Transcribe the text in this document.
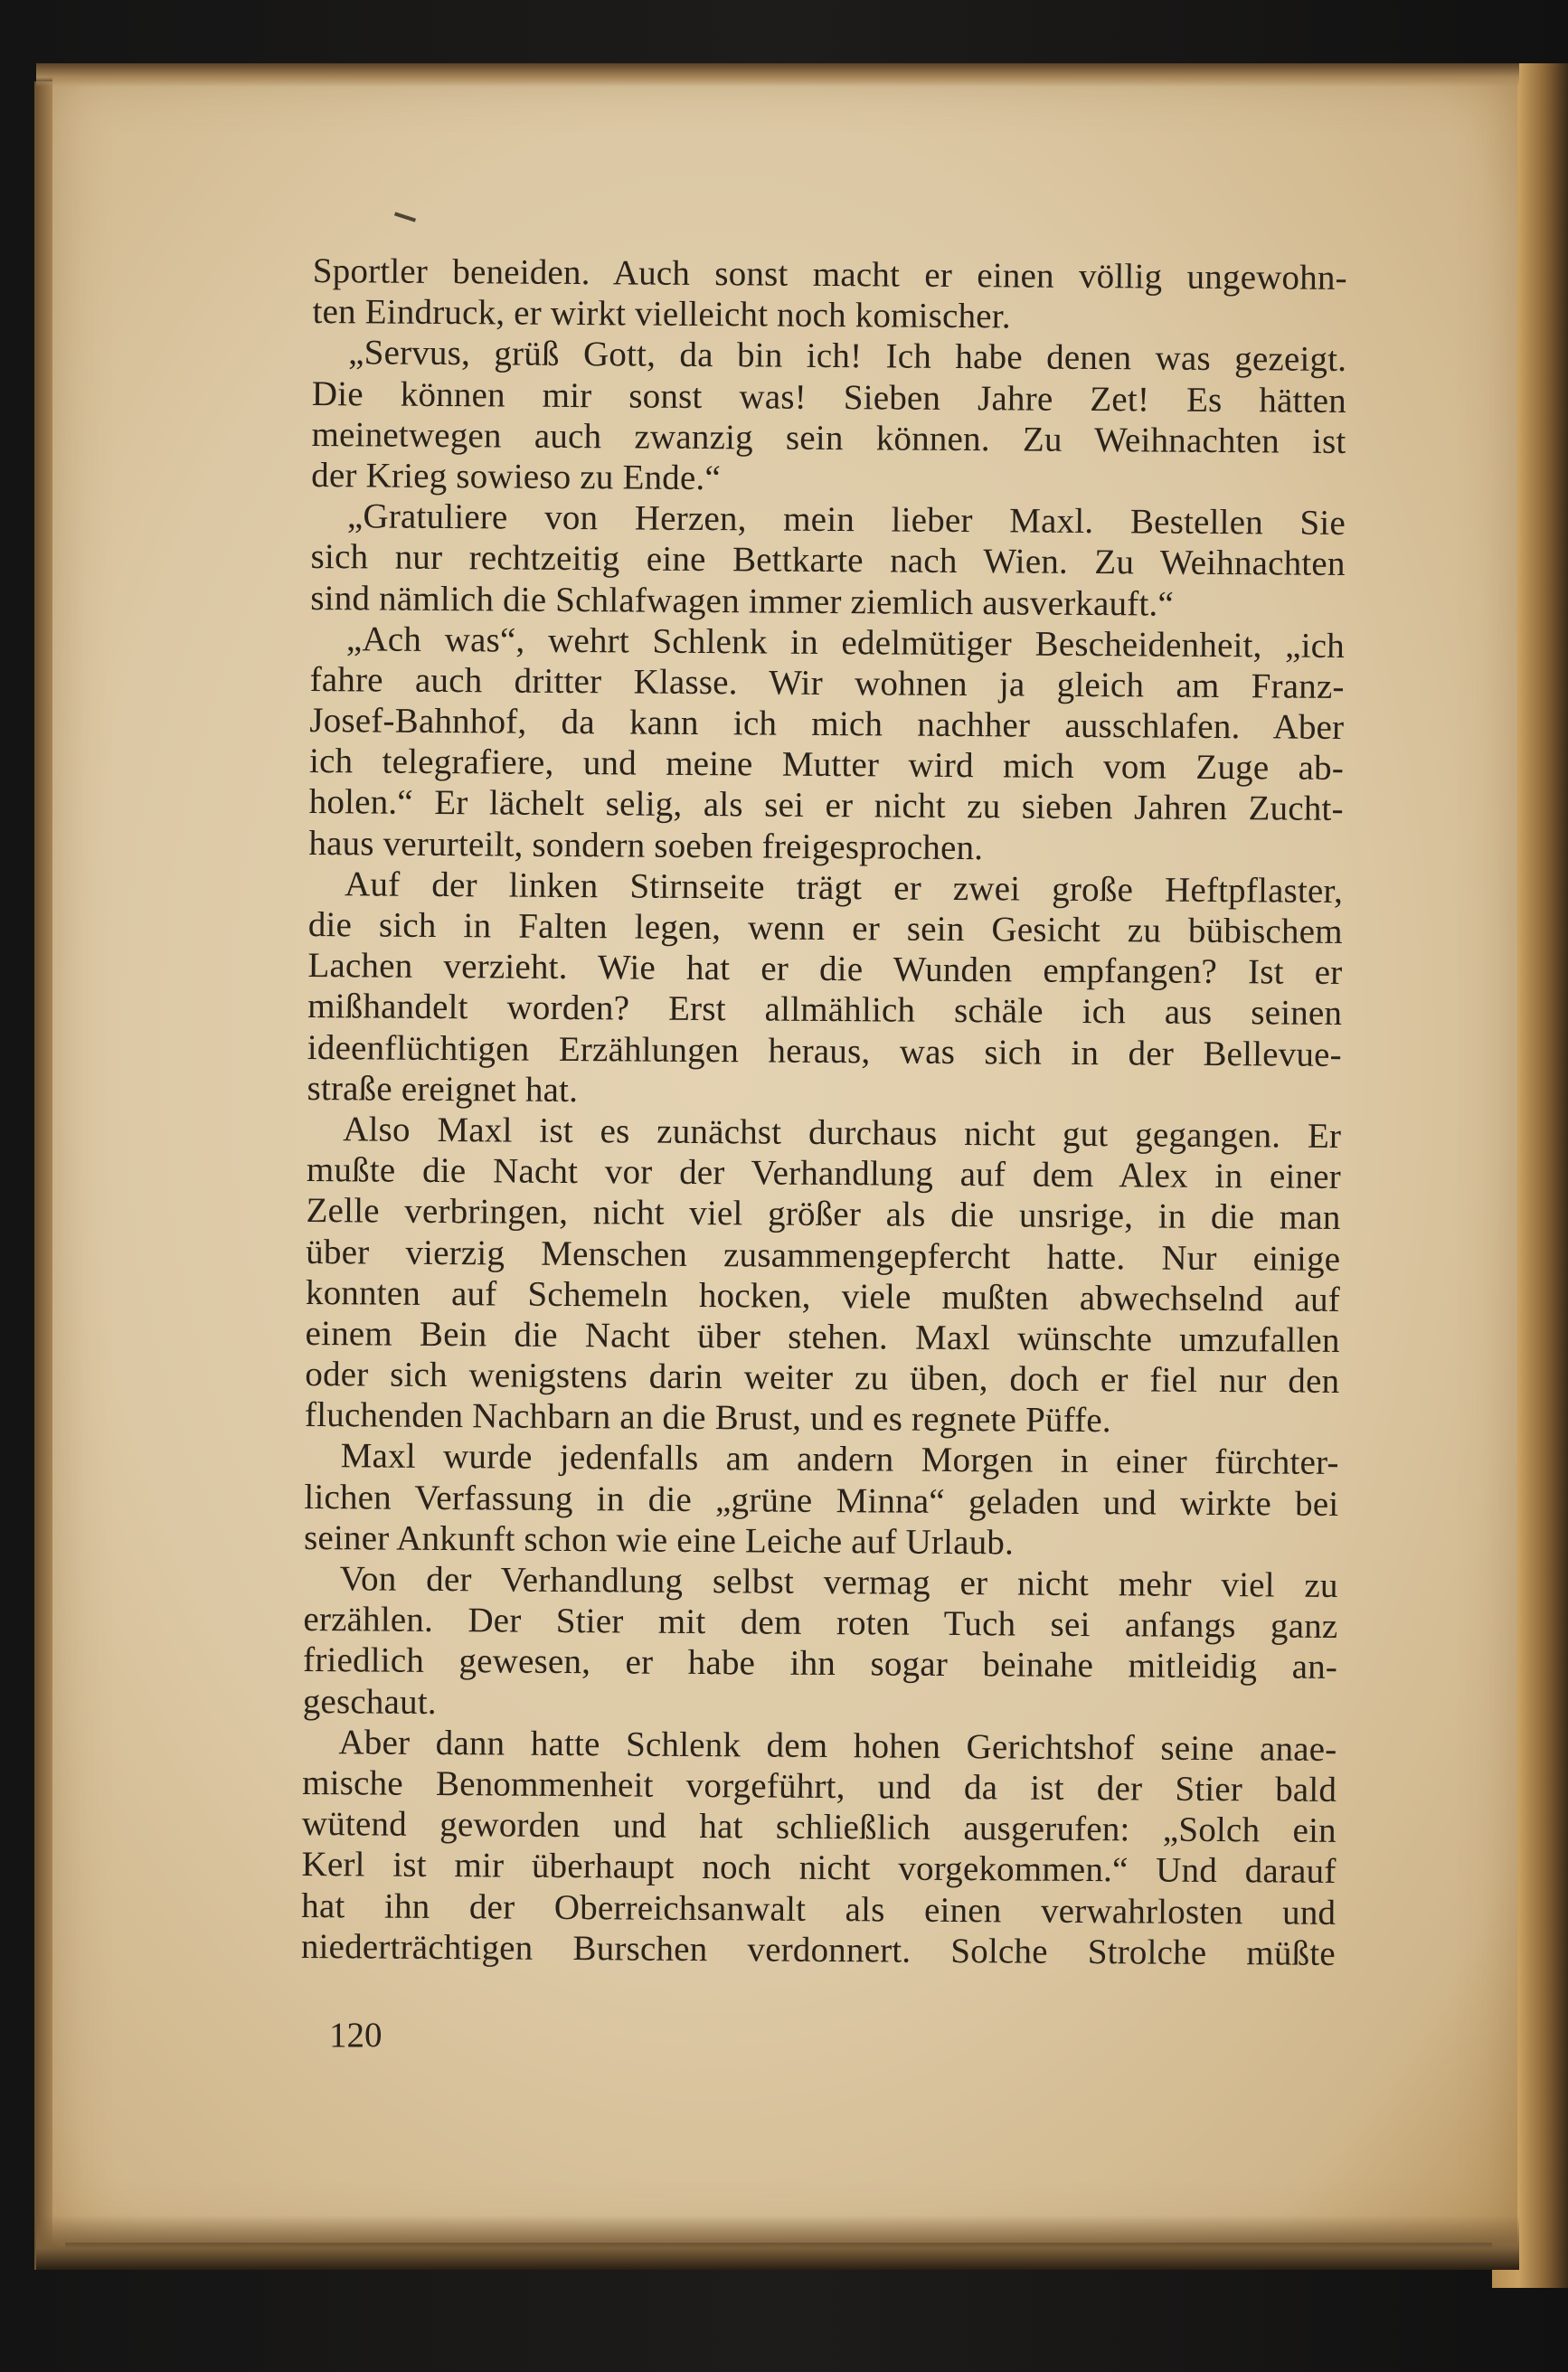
Sportler beneiden. Auch sonst macht er einen völlig ungewohn-
ten Eindruck, er wirkt vielleicht noch komischer.
„Servus, grüß Gott, da bin ich! Ich habe denen was gezeigt.
Die können mir sonst was! Sieben Jahre Zet! Es hätten
meinetwegen auch zwanzig sein können. Zu Weihnachten ist
der Krieg sowieso zu Ende.“
„Gratuliere von Herzen, mein lieber Maxl. Bestellen Sie
sich nur rechtzeitig eine Bettkarte nach Wien. Zu Weihnachten
sind nämlich die Schlafwagen immer ziemlich ausverkauft.“
„Ach was“, wehrt Schlenk in edelmütiger Bescheidenheit, „ich
fahre auch dritter Klasse. Wir wohnen ja gleich am Franz-
Josef-Bahnhof, da kann ich mich nachher ausschlafen. Aber
ich telegrafiere, und meine Mutter wird mich vom Zuge ab-
holen.“ Er lächelt selig, als sei er nicht zu sieben Jahren Zucht-
haus verurteilt, sondern soeben freigesprochen.
Auf der linken Stirnseite trägt er zwei große Heftpflaster,
die sich in Falten legen, wenn er sein Gesicht zu bübischem
Lachen verzieht. Wie hat er die Wunden empfangen? Ist er
mißhandelt worden? Erst allmählich schäle ich aus seinen
ideenflüchtigen Erzählungen heraus, was sich in der Bellevue-
straße ereignet hat.
Also Maxl ist es zunächst durchaus nicht gut gegangen. Er
mußte die Nacht vor der Verhandlung auf dem Alex in einer
Zelle verbringen, nicht viel größer als die unsrige, in die man
über vierzig Menschen zusammengepfercht hatte. Nur einige
konnten auf Schemeln hocken, viele mußten abwechselnd auf
einem Bein die Nacht über stehen. Maxl wünschte umzufallen
oder sich wenigstens darin weiter zu üben, doch er fiel nur den
fluchenden Nachbarn an die Brust, und es regnete Püffe.
Maxl wurde jedenfalls am andern Morgen in einer fürchter-
lichen Verfassung in die „grüne Minna“ geladen und wirkte bei
seiner Ankunft schon wie eine Leiche auf Urlaub.
Von der Verhandlung selbst vermag er nicht mehr viel zu
erzählen. Der Stier mit dem roten Tuch sei anfangs ganz
friedlich gewesen, er habe ihn sogar beinahe mitleidig an-
geschaut.
Aber dann hatte Schlenk dem hohen Gerichtshof seine anae-
mische Benommenheit vorgeführt, und da ist der Stier bald
wütend geworden und hat schließlich ausgerufen: „Solch ein
Kerl ist mir überhaupt noch nicht vorgekommen.“ Und darauf
hat ihn der Oberreichsanwalt als einen verwahrlosten und
niederträchtigen Burschen verdonnert. Solche Strolche müßte
120
